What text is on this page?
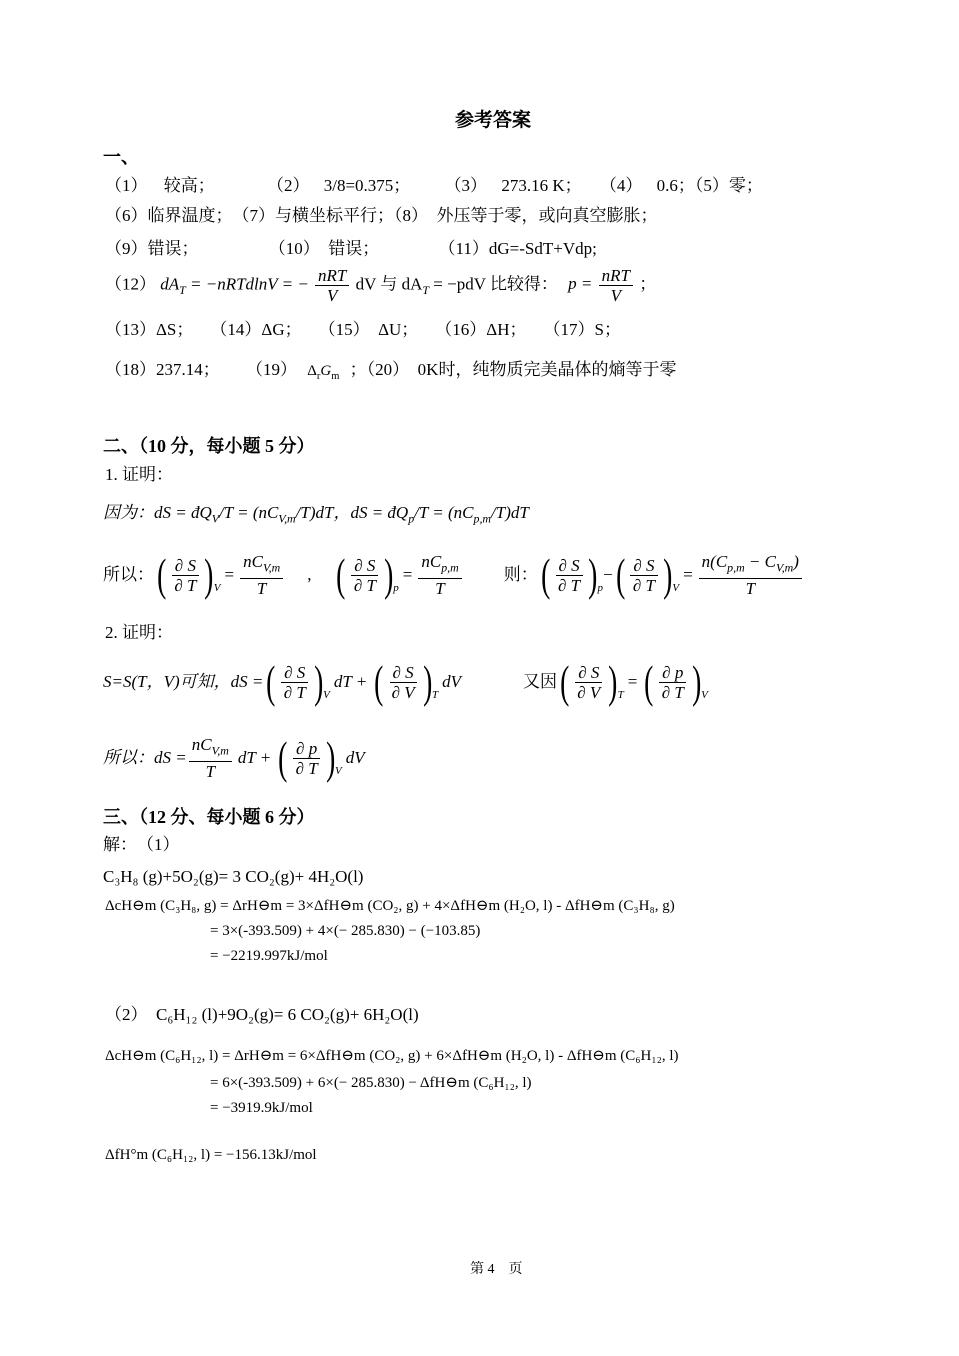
参考答案
一、
（1） 较高；	（2） 3/8=0.375； （3） 273.16 K； （4） 0.6；（5）零；
（6）临界温度；　（7）与横坐标平行；（8）　外压等于零，或向真空膨胀；
（9）错误；	（10）　错误；	（11）dG=-SdT+Vdp;
（12） $dA_T$ = −nRTdlnV = − $\frac{\text{nRT}}{V}$ dV 与 $dA_T = -pdV$ 比较得： $p = \frac{\text{nRT}}{V}$ ；
（13）ΔS；　　（14）ΔG；　　（15）　ΔU；　　（16）ΔH；　　（17）S；
（18）237.14； （19） $\Delta_rG_m$ ；（20）　0K时，纯物质完美晶体的熵等于零
二、（10 分，每小题 5 分）
1. 证明：
因为：dS = $đQ_V/T = (nC_{V,m}/T)dT$，dS = $đQ_p/T = (nC_{p,m}/T)dT$
所以： ( $\frac{\partial S}{\partial T}$ ) V
= $\frac{nC_{V,m}}{T}$ , ( $\frac{\partial S}{\partial T}$ ) p
= $\frac{nC_{p,m}}{T}$ 则： ( $\frac{\partial S}{\partial T}$ ) p
− ( $\frac{\partial S}{\partial T}$ ) V
= $\frac{n(C_{p,m} - C_{V,m})}{T}$
2. 证明：
S=S(T，V)可知，dS = ( $\frac{\partial S}{\partial T}$ ) V
dT + ( $\frac{\partial S}{\partial V}$ ) T
dV	又因 ( $\frac{\partial S}{\partial V}$ ) T
= ( $\frac{\partial p}{\partial T}$ ) V
所以：dS = $\frac{nC_{V,m}}{T}$ dT + ( $\frac{\partial p}{\partial T}$ ) V
dV
三、（12 分、每小题 6 分）
解：　（1）
C₃H₈ (g)+5O₂(g)= 3 CO₂(g)+ 4H₂O(l)
ΔcH⊖m (C₃H₈, g) = ΔrH⊖m = 3×ΔfH⊖m (CO₂, g) + 4×ΔfH⊖m (H₂O, l) - ΔfH⊖m (C₃H₈, g)
= 3×(-393.509) + 4×(− 285.830) − (−103.85)
= −2219.997kJ/mol
（2）　C₆H₁₂ (l)+9O₂(g)= 6 CO₂(g)+ 6H₂O(l)
ΔcH⊖m (C₆H₁₂, l) = ΔrH⊖m = 6×ΔfH⊖m (CO₂, g) + 6×ΔfH⊖m (H₂O, l) - ΔfH⊖m (C₆H₁₂, l)
= 6×(-393.509) + 6×(− 285.830) − ΔfH⊖m (C₆H₁₂, l)
= −3919.9kJ/mol
ΔfH°m (C₆H₁₂, l) = −156.13kJ/mol
第 4　页
